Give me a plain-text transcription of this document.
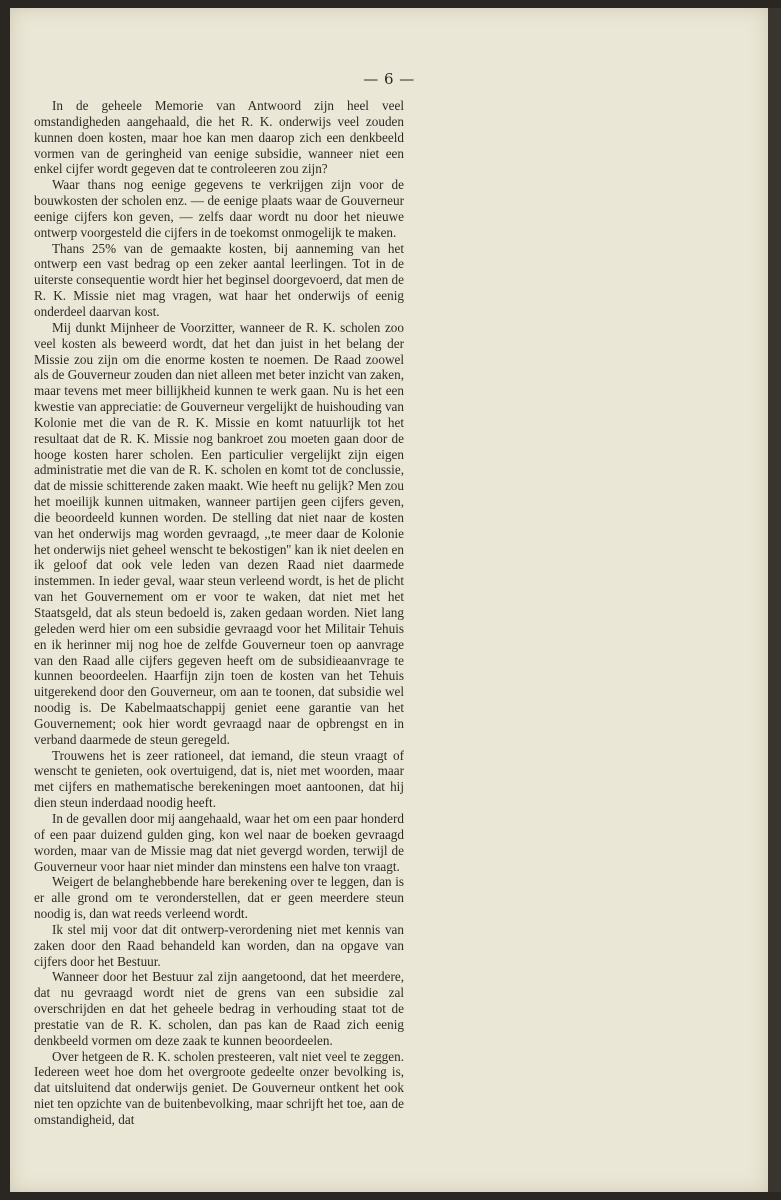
— 6 —

In de geheele Memorie van Antwoord zijn heel veel omstandigheden aangehaald, die het R. K. onderwijs veel zouden kunnen doen kosten, maar hoe kan men daarop zich een denkbeeld vormen van de geringheid van eenige subsidie, wanneer niet een enkel cijfer wordt gegeven dat te controleeren zou zijn?

Waar thans nog eenige gegevens te verkrijgen zijn voor de bouwkosten der scholen enz. — de eenige plaats waar de Gouverneur eenige cijfers kon geven, — zelfs daar wordt nu door het nieuwe ontwerp voorgesteld die cijfers in de toekomst onmogelijk te maken.

Thans 25% van de gemaakte kosten, bij aanneming van het ontwerp een vast bedrag op een zeker aantal leerlingen. Tot in de uiterste consequentie wordt hier het beginsel doorgevoerd, dat men de R. K. Missie niet mag vragen, wat haar het onderwijs of eenig onderdeel daarvan kost.

Mij dunkt Mijnheer de Voorzitter, wanneer de R. K. scholen zoo veel kosten als beweerd wordt, dat het dan juist in het belang der Missie zou zijn om die enorme kosten te noemen. De Raad zoowel als de Gouverneur zouden dan niet alleen met beter inzicht van zaken, maar tevens met meer billijkheid kunnen te werk gaan. Nu is het een kwestie van appreciatie: de Gouverneur vergelijkt de huishouding van Kolonie met die van de R. K. Missie en komt natuurlijk tot het resultaat dat de R. K. Missie nog bankroet zou moeten gaan door de hooge kosten harer scholen. Een particulier vergelijkt zijn eigen administratie met die van de R. K. scholen en komt tot de conclussie, dat de missie schitterende zaken maakt. Wie heeft nu gelijk? Men zou het moeilijk kunnen uitmaken, wanneer partijen geen cijfers geven, die beoordeeld kunnen worden. De stelling dat niet naar de kosten van het onderwijs mag worden gevraagd, ,,te meer daar de Kolonie het onderwijs niet geheel wenscht te bekostigen'' kan ik niet deelen en ik geloof dat ook vele leden van dezen Raad niet daarmede instemmen. In ieder geval, waar steun verleend wordt, is het de plicht van het Gouvernement om er voor te waken, dat niet met het Staatsgeld, dat als steun bedoeld is, zaken gedaan worden. Niet lang geleden werd hier om een subsidie gevraagd voor het Militair Tehuis en ik herinner mij nog hoe de zelfde Gouverneur toen op aanvrage van den Raad alle cijfers gegeven heeft om de subsidieaanvrage te kunnen beoordeelen. Haarfijn zijn toen de kosten van het Tehuis uitgerekend door den Gouverneur, om aan te toonen, dat subsidie wel noodig is. De Kabelmaatschappij geniet eene garantie van het Gouvernement; ook hier wordt gevraagd naar de opbrengst en in verband daarmede de steun geregeld.

Trouwens het is zeer rationeel, dat iemand, die steun vraagt of wenscht te genieten, ook overtuigend, dat is, niet met woorden, maar met cijfers en mathematische berekeningen moet aantoonen, dat hij dien steun inderdaad noodig heeft.

In de gevallen door mij aangehaald, waar het om een paar honderd of een paar duizend gulden ging, kon wel naar de boeken gevraagd worden, maar van de Missie mag dat niet gevergd worden, terwijl de Gouverneur voor haar niet minder dan minstens een halve ton vraagt.

Weigert de belanghebbende hare berekening over te leggen, dan is er alle grond om te veronderstellen, dat er geen meerdere steun noodig is, dan wat reeds verleend wordt.

Ik stel mij voor dat dit ontwerp-verordening niet met kennis van zaken door den Raad behandeld kan worden, dan na opgave van cijfers door het Bestuur.

Wanneer door het Bestuur zal zijn aangetoond, dat het meerdere, dat nu gevraagd wordt niet de grens van een subsidie zal overschrijden en dat het geheele bedrag in verhouding staat tot de prestatie van de R. K. scholen, dan pas kan de Raad zich eenig denkbeeld vormen om deze zaak te kunnen beoordeelen.

Over hetgeen de R. K. scholen presteeren, valt niet veel te zeggen. Iedereen weet hoe dom het overgroote gedeelte onzer bevolking is, dat uitsluitend dat onderwijs geniet. De Gouverneur ontkent het ook niet ten opzichte van de buitenbevolking, maar schrijft het toe, aan de omstandigheid, dat
